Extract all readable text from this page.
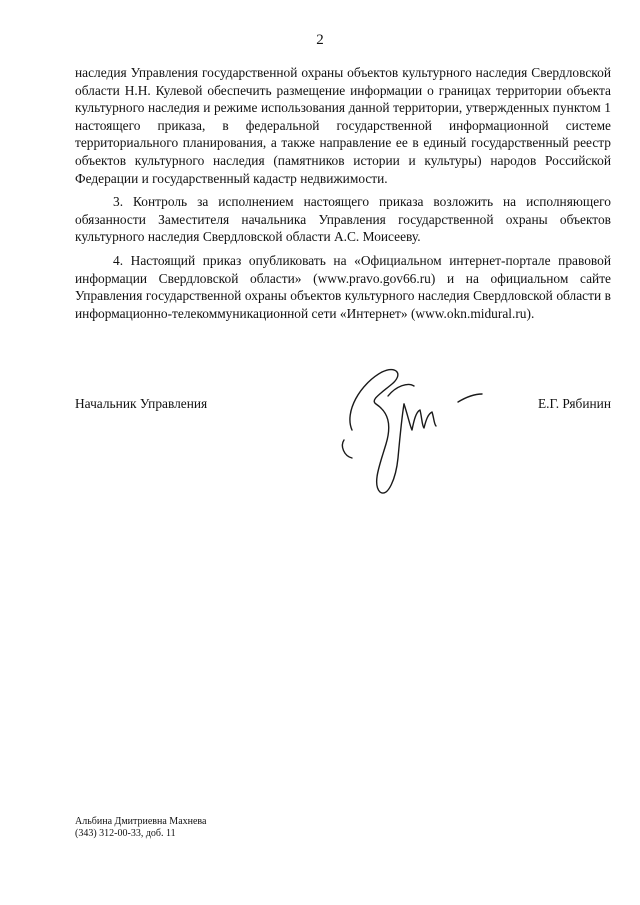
2

наследия Управления государственной охраны объектов культурного наследия Свердловской области Н.Н. Кулевой обеспечить размещение информации о границах территории объекта культурного наследия и режиме использования данной территории, утвержденных пунктом 1 настоящего приказа, в федеральной государственной информационной системе территориального планирования, а также направление ее в единый государственный реестр объектов культурного наследия (памятников истории и культуры) народов Российской Федерации и государственный кадастр недвижимости.

3. Контроль за исполнением настоящего приказа возложить на исполняющего обязанности Заместителя начальника Управления государственной охраны объектов культурного наследия Свердловской области А.С. Моисееву.

4. Настоящий приказ опубликовать на «Официальном интернет-портале правовой информации Свердловской области» (www.pravo.gov66.ru) и на официальном сайте Управления государственной охраны объектов культурного наследия Свердловской области в информационно-телекоммуникационной сети «Интернет» (www.okn.midural.ru).

Начальник Управления	Е.Г. Рябинин
Альбина Дмитриевна Махнева
(343) 312-00-33, доб. 11
